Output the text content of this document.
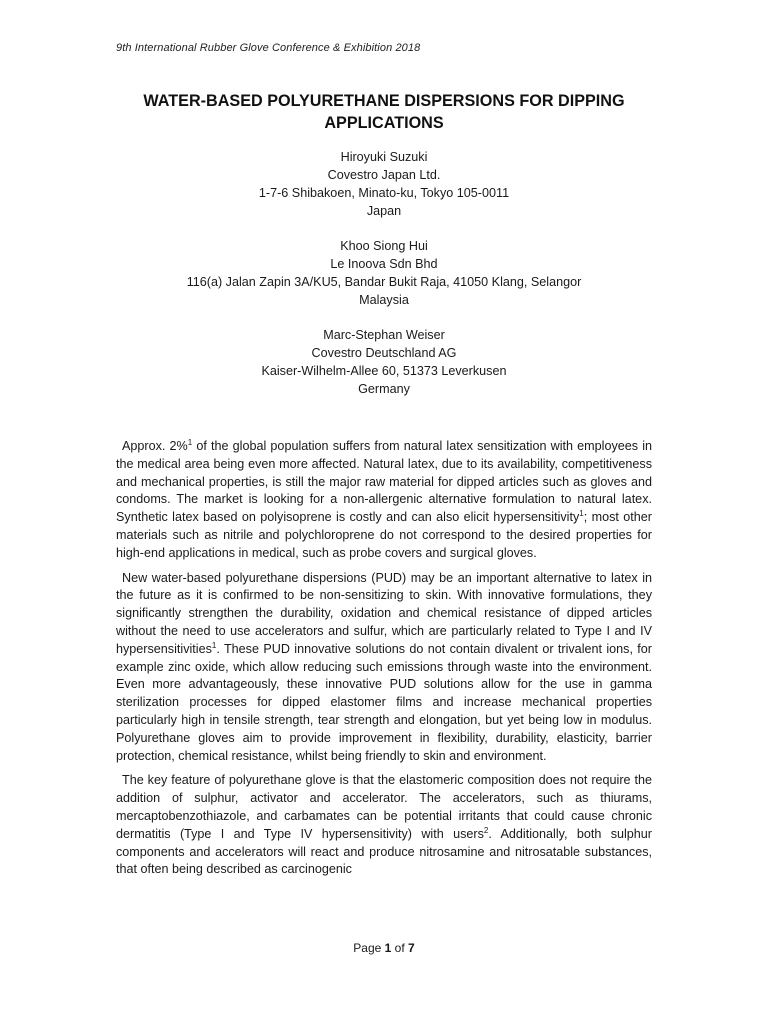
9th International Rubber Glove Conference & Exhibition 2018
WATER-BASED POLYURETHANE DISPERSIONS FOR DIPPING
APPLICATIONS
Hiroyuki Suzuki
Covestro Japan Ltd.
1-7-6 Shibakoen, Minato-ku, Tokyo 105-0011
Japan
Khoo Siong Hui
Le Inoova Sdn Bhd
116(a) Jalan Zapin 3A/KU5, Bandar Bukit Raja, 41050 Klang, Selangor
Malaysia
Marc-Stephan Weiser
Covestro Deutschland AG
Kaiser-Wilhelm-Allee 60, 51373 Leverkusen
Germany

Approx. 2%$^1$ of the global population suffers from natural latex sensitization with employees in the medical area being even more affected. Natural latex, due to its availability, competitiveness and mechanical properties, is still the major raw material for dipped articles such as gloves and condoms. The market is looking for a non-allergenic alternative formulation to natural latex. Synthetic latex based on polyisoprene is costly and can also elicit hypersensitivity$^1$; most other materials such as nitrile and polychloroprene do not correspond to the desired properties for high-end applications in medical, such as probe covers and surgical gloves.

New water-based polyurethane dispersions (PUD) may be an important alternative to latex in the future as it is confirmed to be non-sensitizing to skin. With innovative formulations, they significantly strengthen the durability, oxidation and chemical resistance of dipped articles without the need to use accelerators and sulfur, which are particularly related to Type I and IV hypersensitivities$^1$. These PUD innovative solutions do not contain divalent or trivalent ions, for example zinc oxide, which allow reducing such emissions through waste into the environment. Even more advantageously, these innovative PUD solutions allow for the use in gamma sterilization processes for dipped elastomer films and increase mechanical properties particularly high in tensile strength, tear strength and elongation, but yet being low in modulus. Polyurethane gloves aim to provide improvement in flexibility, durability, elasticity, barrier protection, chemical resistance, whilst being friendly to skin and environment.

The key feature of polyurethane glove is that the elastomeric composition does not require the addition of sulphur, activator and accelerator. The accelerators, such as thiurams, mercaptobenzothiazole, and carbamates can be potential irritants that could cause chronic dermatitis (Type I and Type IV hypersensitivity) with users$^2$. Additionally, both sulphur components and accelerators will react and produce nitrosamine and nitrosatable substances, that often being described as carcinogenic

Page 1 of 7
